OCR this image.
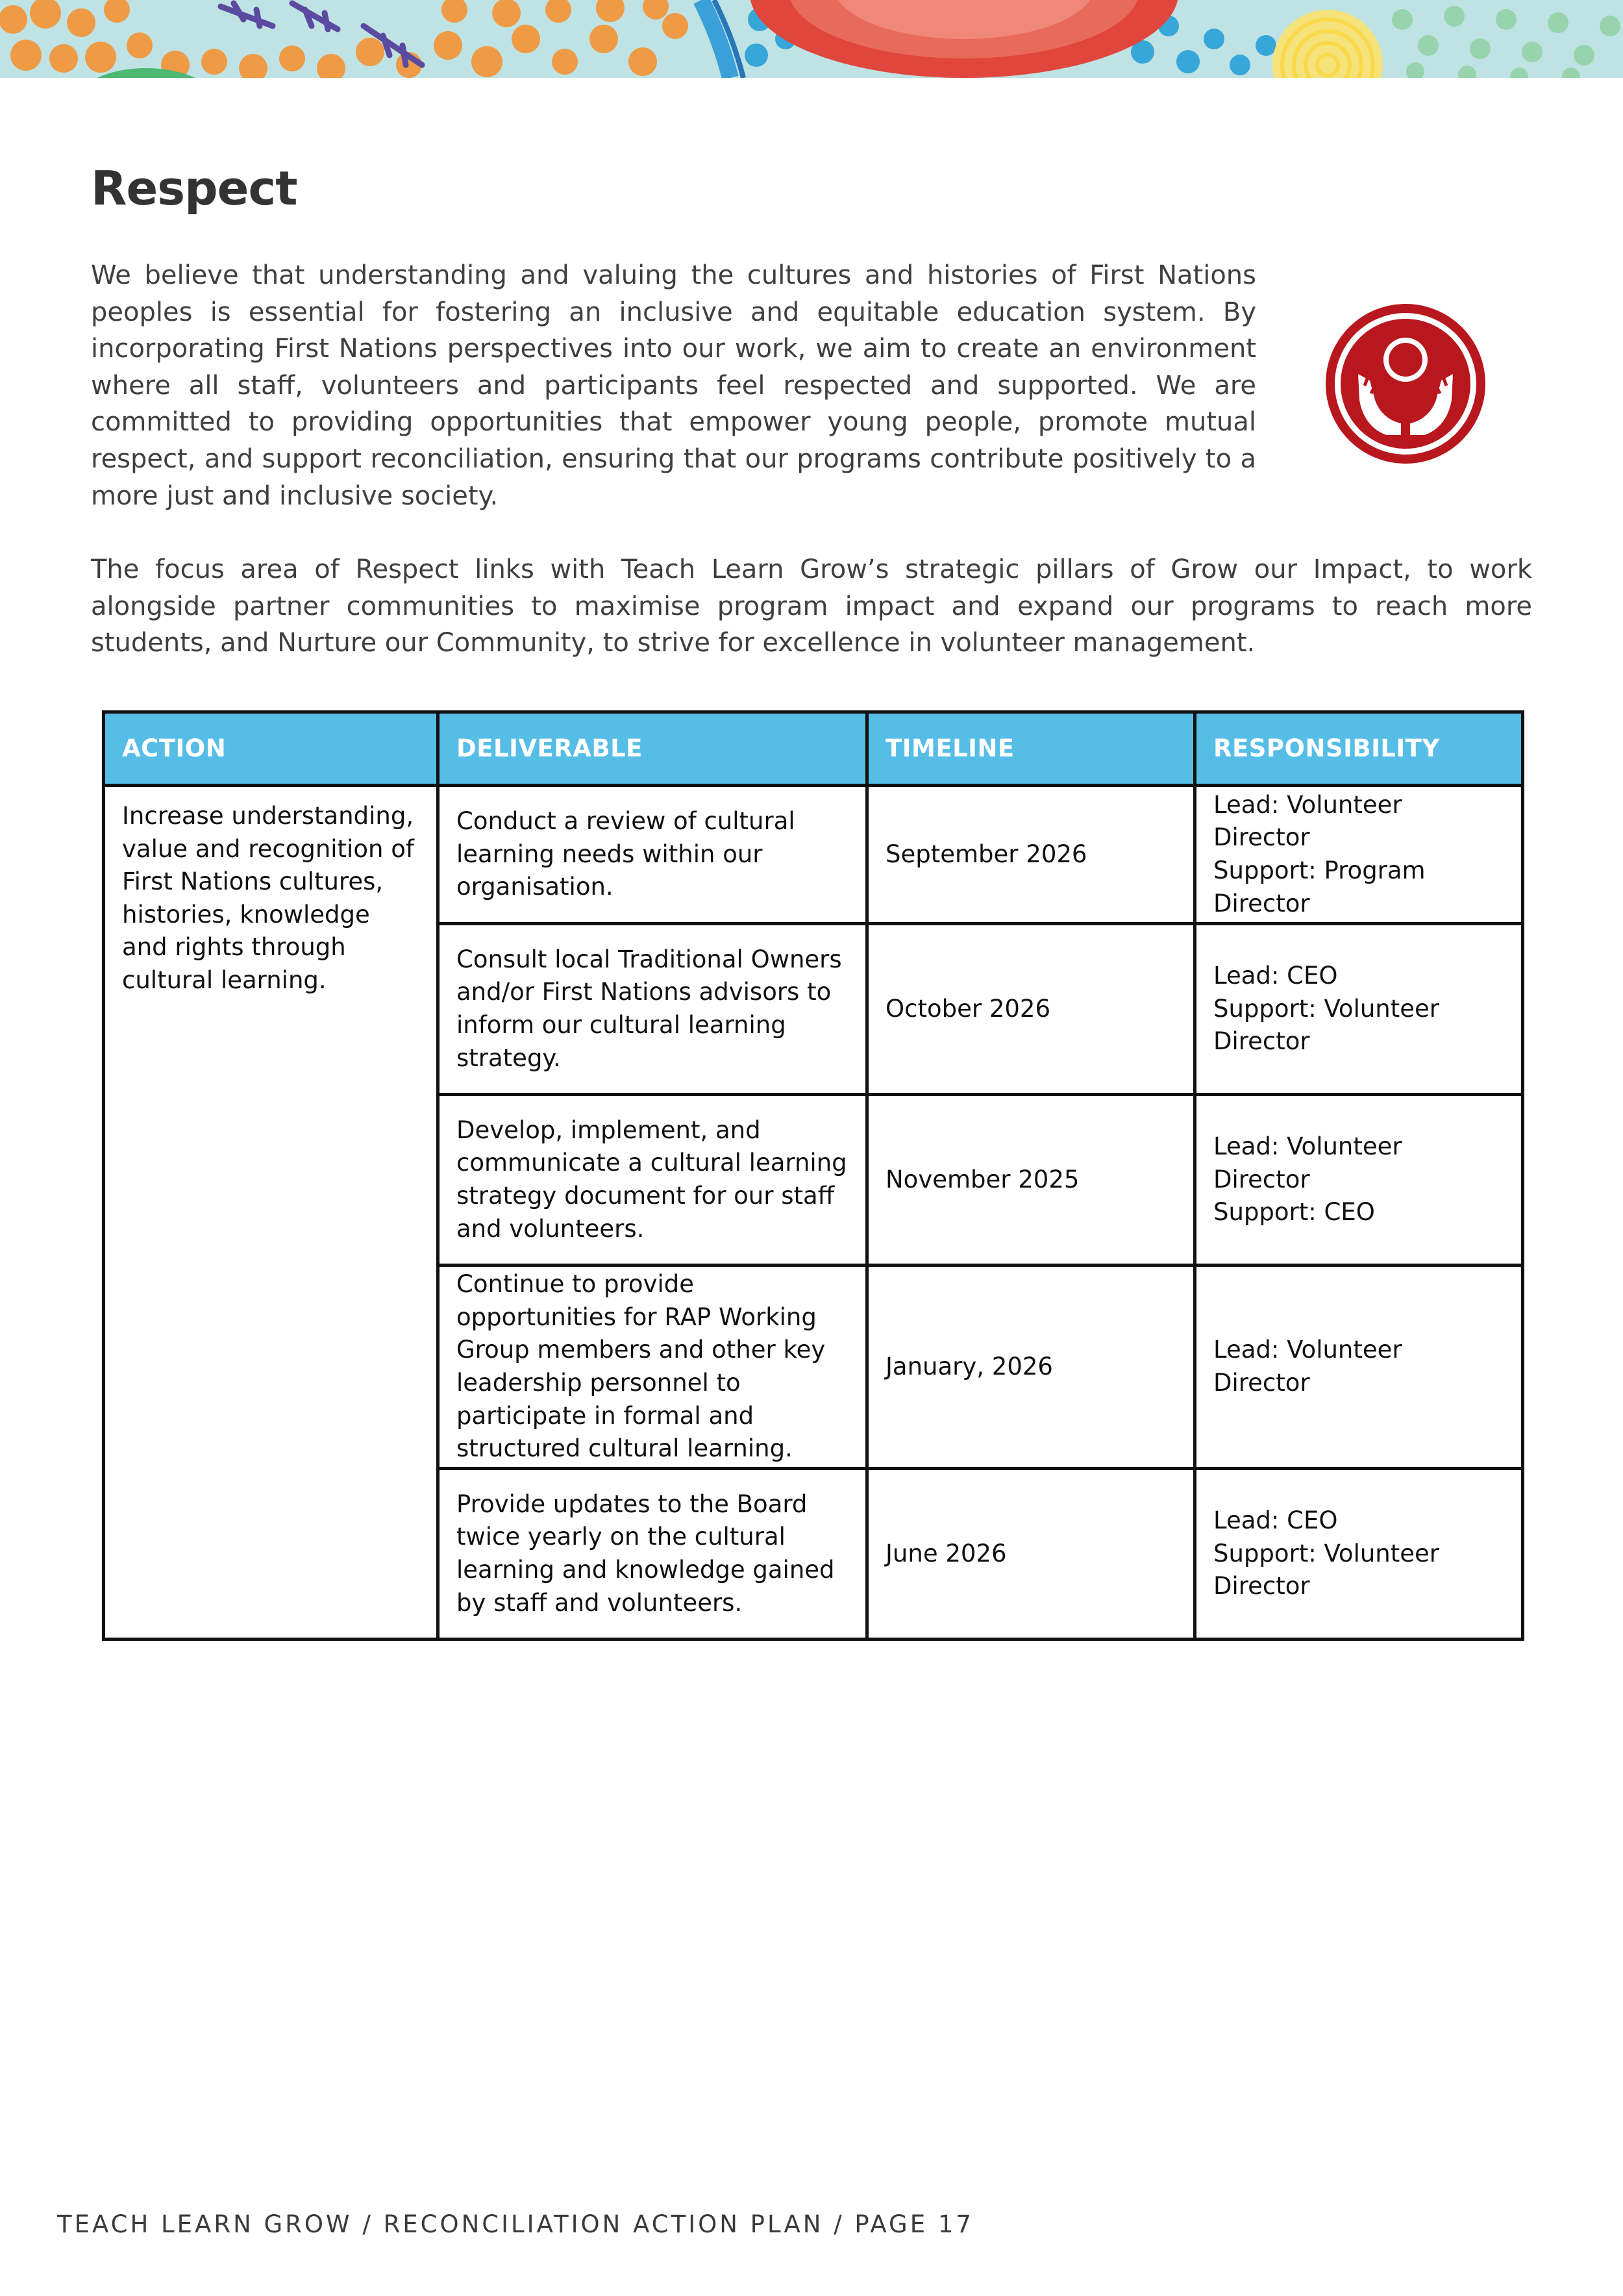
Respect

We believe that understanding and valuing the cultures and histories of First Nations peoples is essential for fostering an inclusive and equitable education system. By incorporating First Nations perspectives into our work, we aim to create an environment where all staff, volunteers and participants feel respected and supported. We are committed to providing opportunities that empower young people, promote mutual respect, and support reconciliation, ensuring that our programs contribute positively to a more just and inclusive society.

The focus area of Respect links with Teach Learn Grow’s strategic pillars of Grow our Impact, to work alongside partner communities to maximise program impact and expand our programs to reach more students, and Nurture our Community, to strive for excellence in volunteer management.

ACTION	DELIVERABLE	TIMELINE	RESPONSIBILITY
Increase understanding, value and recognition of First Nations cultures, histories, knowledge and rights through cultural learning.	Conduct a review of cultural learning needs within our organisation.	September 2026	Lead: Volunteer Director
Support: Program Director
	Consult local Traditional Owners and/or First Nations advisors to inform our cultural learning strategy.	October 2026	Lead: CEO
Support: Volunteer Director
	Develop, implement, and communicate a cultural learning strategy document for our staff and volunteers.	November 2025	Lead: Volunteer Director
Support: CEO
	Continue to provide opportunities for RAP Working Group members and other key leadership personnel to participate in formal and structured cultural learning.	January, 2026	Lead: Volunteer Director
	Provide updates to the Board twice yearly on the cultural learning and knowledge gained by staff and volunteers.	June 2026	Lead: CEO
Support: Volunteer Director

TEACH LEARN GROW / RECONCILIATION ACTION PLAN / PAGE 17
